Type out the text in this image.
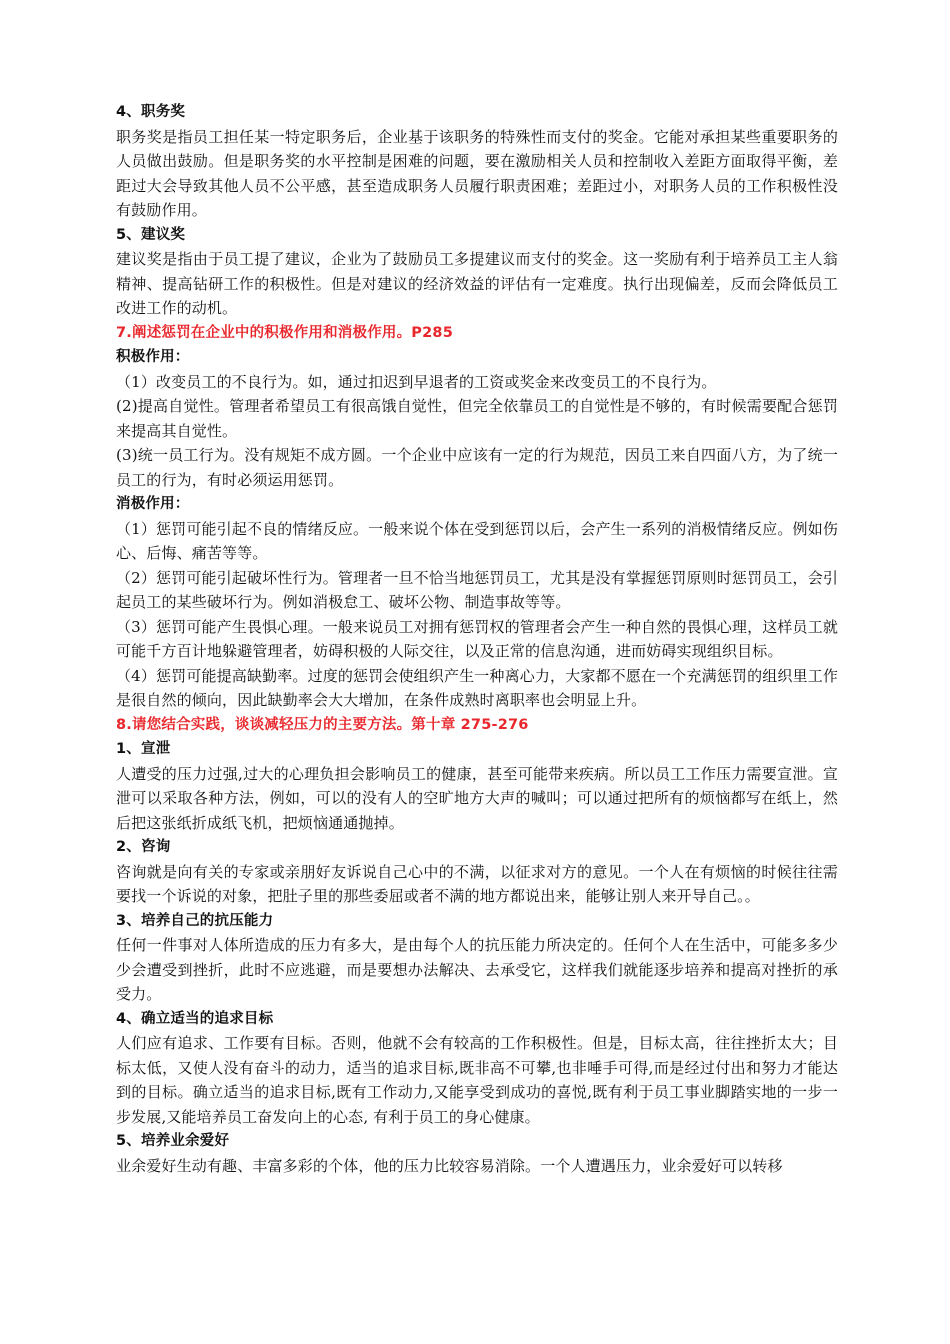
4、职务奖

职务奖是指员工担任某一特定职务后，企业基于该职务的特殊性而支付的奖金。它能对承担某些重要职务的人员做出鼓励。但是职务奖的水平控制是困难的问题，要在激励相关人员和控制收入差距方面取得平衡，差距过大会导致其他人员不公平感，甚至造成职务人员履行职责困难；差距过小，对职务人员的工作积极性没有鼓励作用。

5、建议奖

建议奖是指由于员工提了建议，企业为了鼓励员工多提建议而支付的奖金。这一奖励有利于培养员工主人翁精神、提高钻研工作的积极性。但是对建议的经济效益的评估有一定难度。执行出现偏差，反而会降低员工改进工作的动机。

7.阐述惩罚在企业中的积极作用和消极作用。P285

积极作用：

（1）改变员工的不良行为。如，通过扣迟到早退者的工资或奖金来改变员工的不良行为。

(2)提高自觉性。管理者希望员工有很高饿自觉性，但完全依靠员工的自觉性是不够的，有时候需要配合惩罚来提高其自觉性。

(3)统一员工行为。没有规矩不成方圆。一个企业中应该有一定的行为规范，因员工来自四面八方，为了统一员工的行为，有时必须运用惩罚。

消极作用：

（1）惩罚可能引起不良的情绪反应。一般来说个体在受到惩罚以后，会产生一系列的消极情绪反应。例如伤心、后悔、痛苦等等。

（2）惩罚可能引起破坏性行为。管理者一旦不恰当地惩罚员工，尤其是没有掌握惩罚原则时惩罚员工，会引起员工的某些破坏行为。例如消极怠工、破坏公物、制造事故等等。

（3）惩罚可能产生畏惧心理。一般来说员工对拥有惩罚权的管理者会产生一种自然的畏惧心理，这样员工就可能千方百计地躲避管理者，妨碍积极的人际交往，以及正常的信息沟通，进而妨碍实现组织目标。

（4）惩罚可能提高缺勤率。过度的惩罚会使组织产生一种离心力，大家都不愿在一个充满惩罚的组织里工作是很自然的倾向，因此缺勤率会大大增加，在条件成熟时离职率也会明显上升。

8.请您结合实践，谈谈减轻压力的主要方法。第十章 275-276

1、宣泄

人遭受的压力过强,过大的心理负担会影响员工的健康，甚至可能带来疾病。所以员工工作压力需要宣泄。宣泄可以采取各种方法，例如，可以的没有人的空旷地方大声的喊叫；可以通过把所有的烦恼都写在纸上，然后把这张纸折成纸飞机，把烦恼通通抛掉。

2、咨询

咨询就是向有关的专家或亲朋好友诉说自己心中的不满，以征求对方的意见。一个人在有烦恼的时候往往需要找一个诉说的对象，把肚子里的那些委屈或者不满的地方都说出来，能够让别人来开导自己。。

3、培养自己的抗压能力

任何一件事对人体所造成的压力有多大，是由每个人的抗压能力所决定的。任何个人在生活中，可能多多少少会遭受到挫折，此时不应逃避，而是要想办法解决、去承受它，这样我们就能逐步培养和提高对挫折的承受力。

4、确立适当的追求目标

人们应有追求、工作要有目标。否则，他就不会有较高的工作积极性。但是，目标太高，往往挫折太大；目标太低，又使人没有奋斗的动力，适当的追求目标,既非高不可攀,也非唾手可得,而是经过付出和努力才能达到的目标。确立适当的追求目标,既有工作动力,又能享受到成功的喜悦,既有利于员工事业脚踏实地的一步一步发展,又能培养员工奋发向上的心态, 有利于员工的身心健康。

5、培养业余爱好

业余爱好生动有趣、丰富多彩的个体，他的压力比较容易消除。一个人遭遇压力，业余爱好可以转移
